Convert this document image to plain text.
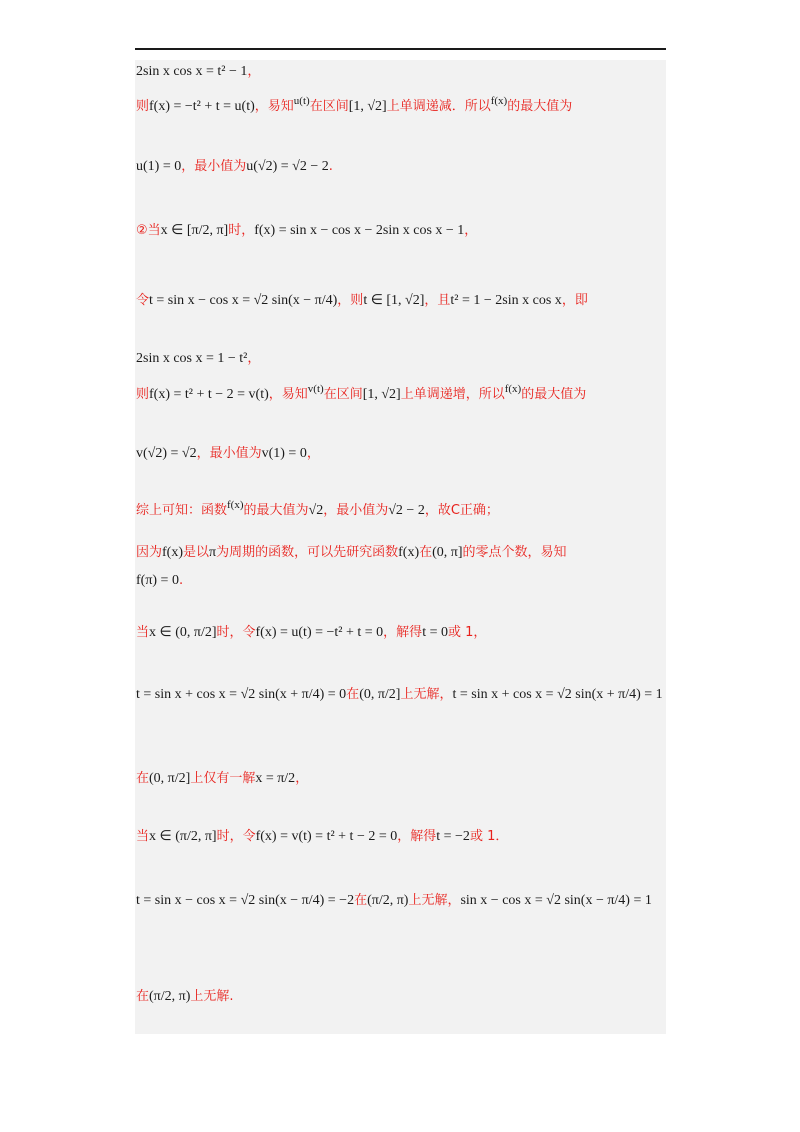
2sin x cos x = t² − 1，
则f(x) = −t² + t = u(t)，易知$^{u(t)}$在区间[1, √2]上单调递减．所以$^{f(x)}$的最大值为
u(1) = 0，最小值为u(√2) = √2 − 2.
②当x ∈ [π/2, π]时，f(x) = sin x − cos x − 2sin x cos x − 1，
令t = sin x − cos x = √2 sin(x − π/4)，则t ∈ [1, √2]，且t² = 1 − 2sin x cos x，即
2sin x cos x = 1 − t²，
则f(x) = t² + t − 2 = v(t)，易知$^{v(t)}$在区间[1, √2]上单调递增，所以$^{f(x)}$的最大值为
v(√2) = √2，最小值为v(1) = 0，
综上可知：函数$^{f(x)}$的最大值为√2，最小值为√2 − 2，故C正确；
因为f(x)是以π为周期的函数，可以先研究函数f(x)在(0, π]的零点个数，易知
f(π) = 0.
当x ∈ (0, π/2]时，令f(x) = u(t) = −t² + t = 0，解得t = 0或 1，
t = sin x + cos x = √2 sin(x + π/4) = 0在(0, π/2]上无解，t = sin x + cos x = √2 sin(x + π/4) = 1
在(0, π/2]上仅有一解x = π/2，
当x ∈ (π/2, π]时，令f(x) = v(t) = t² + t − 2 = 0，解得t = −2或 1．
t = sin x − cos x = √2 sin(x − π/4) = −2在(π/2, π)上无解，sin x − cos x = √2 sin(x − π/4) = 1
在(π/2, π)上无解.
